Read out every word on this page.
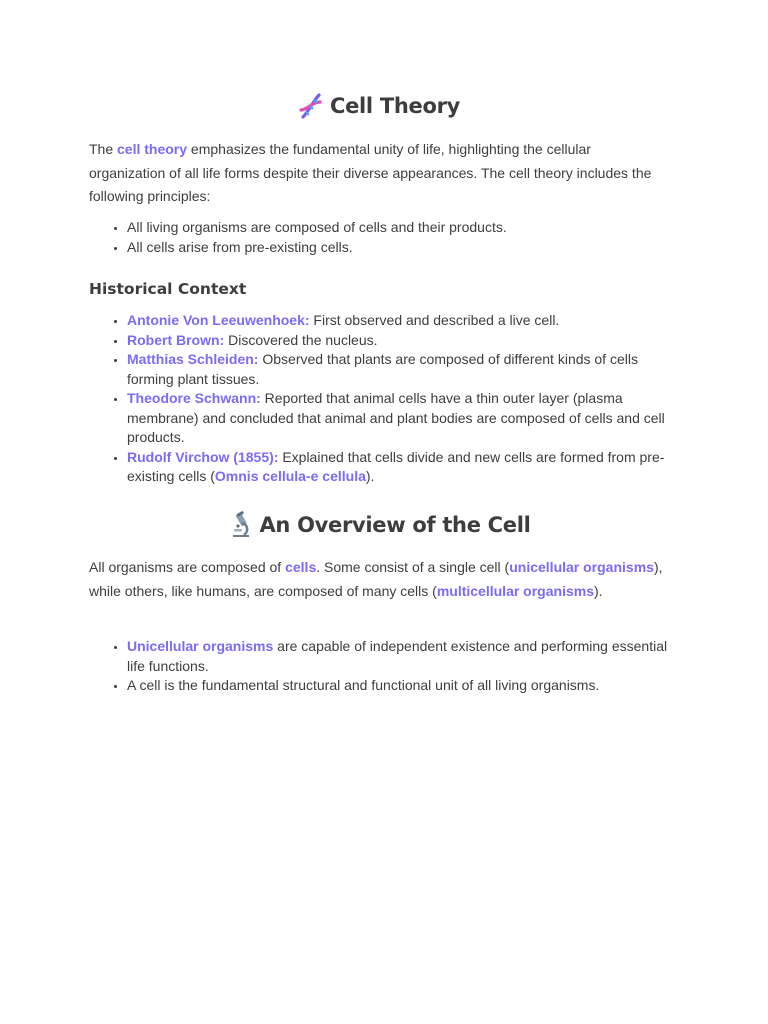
Cell Theory

The cell theory emphasizes the fundamental unity of life, highlighting the cellular organization of all life forms despite their diverse appearances. The cell theory includes the following principles:

• All living organisms are composed of cells and their products.
• All cells arise from pre-existing cells.
Historical Context
• Antonie Von Leeuwenhoek: First observed and described a live cell.
• Robert Brown: Discovered the nucleus.
• Matthias Schleiden: Observed that plants are composed of different kinds of cells forming plant tissues.
• Theodore Schwann: Reported that animal cells have a thin outer layer (plasma membrane) and concluded that animal and plant bodies are composed of cells and cell products.
• Rudolf Virchow (1855): Explained that cells divide and new cells are formed from pre-existing cells (Omnis cellula-e cellula).
An Overview of the Cell

All organisms are composed of cells. Some consist of a single cell (unicellular organisms), while others, like humans, are composed of many cells (multicellular organisms).

• Unicellular organisms are capable of independent existence and performing essential life functions.
• A cell is the fundamental structural and functional unit of all living organisms.
